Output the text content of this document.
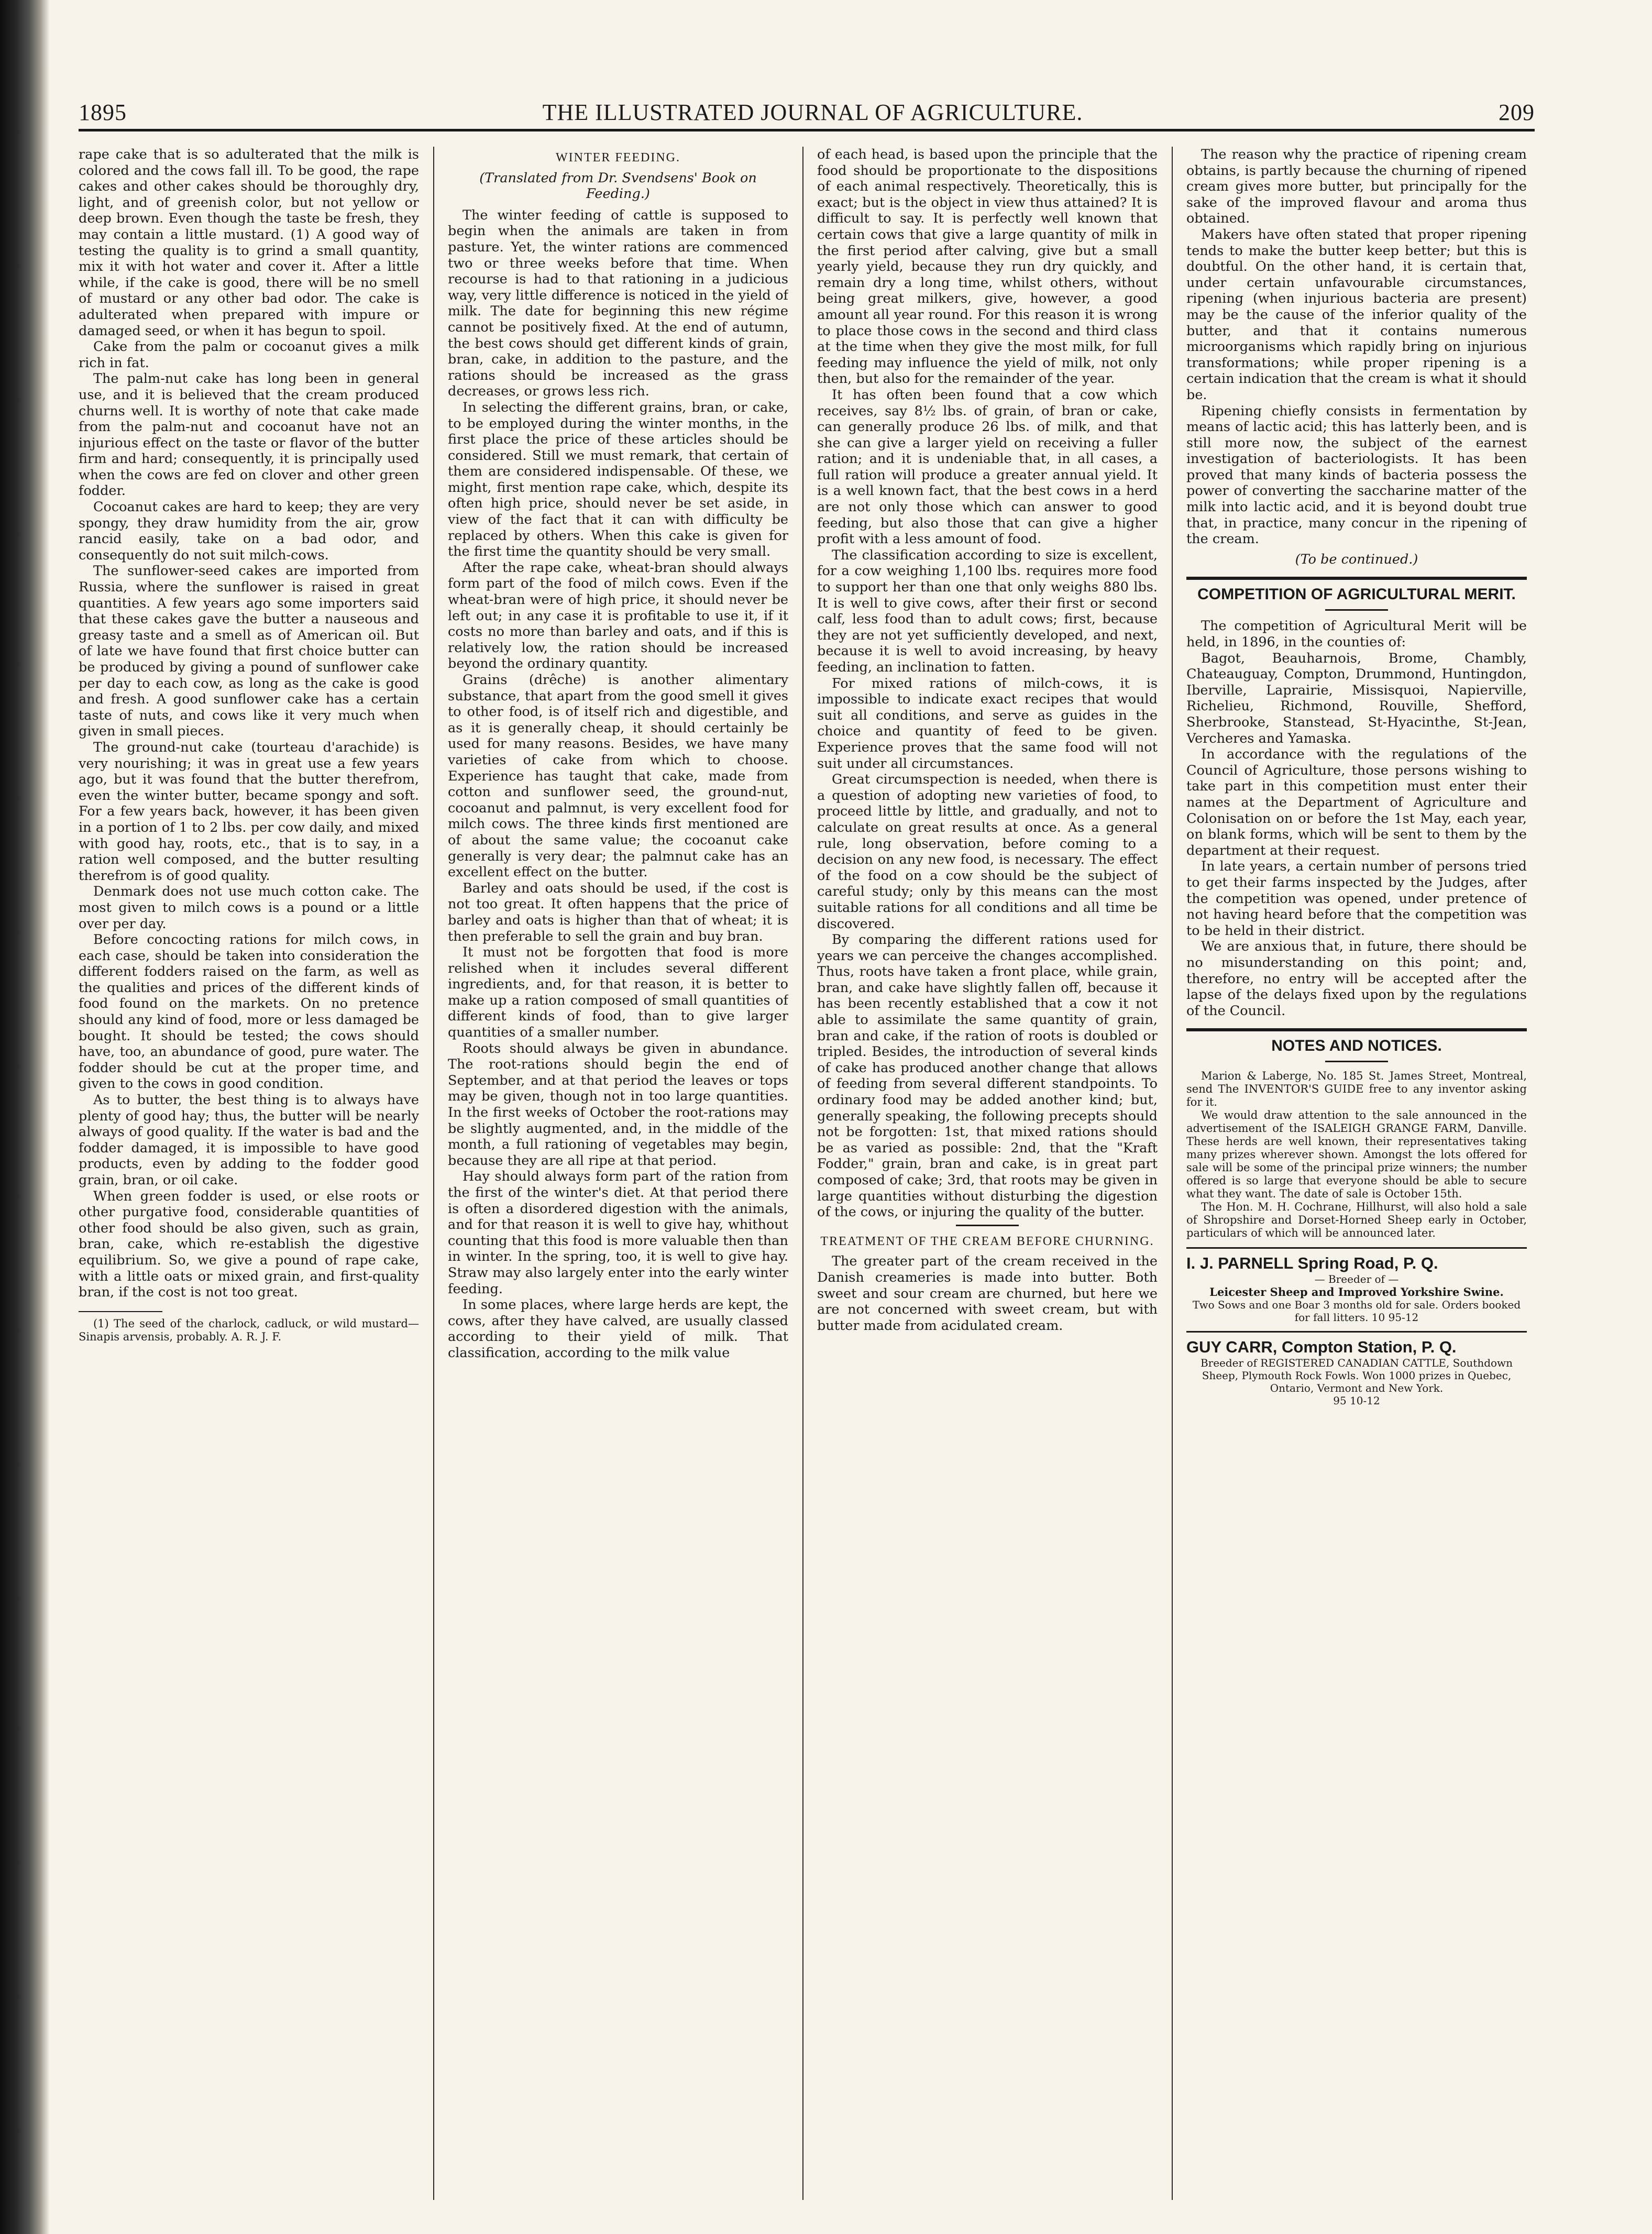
1895	THE ILLUSTRATED JOURNAL OF AGRICULTURE.	209

rape cake that is so adulterated that the milk is colored and the cows fall ill. To be good, the rape cakes and other cakes should be thoroughly dry, light, and of greenish color, but not yellow or deep brown. Even though the taste be fresh, they may contain a little mustard. (1) A good way of testing the quality is to grind a small quantity, mix it with hot water and cover it. After a little while, if the cake is good, there will be no smell of mustard or any other bad odor. The cake is adulterated when prepared with impure or damaged seed, or when it has begun to spoil.

Cake from the palm or cocoanut gives a milk rich in fat.

The palm-nut cake has long been in general use, and it is believed that the cream produced churns well. It is worthy of note that cake made from the palm-nut and cocoanut have not an injurious effect on the taste or flavor of the butter firm and hard; consequently, it is principally used when the cows are fed on clover and other green fodder.

Cocoanut cakes are hard to keep; they are very spongy, they draw humidity from the air, grow rancid easily, take on a bad odor, and consequently do not suit milch-cows.

The sunflower-seed cakes are imported from Russia, where the sunflower is raised in great quantities. A few years ago some importers said that these cakes gave the butter a nauseous and greasy taste and a smell as of American oil. But of late we have found that first choice butter can be produced by giving a pound of sunflower cake per day to each cow, as long as the cake is good and fresh. A good sunflower cake has a certain taste of nuts, and cows like it very much when given in small pieces.

The ground-nut cake (tourteau d'arachide) is very nourishing; it was in great use a few years ago, but it was found that the butter therefrom, even the winter butter, became spongy and soft. For a few years back, however, it has been given in a portion of 1 to 2 lbs. per cow daily, and mixed with good hay, roots, etc., that is to say, in a ration well composed, and the butter resulting therefrom is of good quality.

Denmark does not use much cotton cake. The most given to milch cows is a pound or a little over per day.

Before concocting rations for milch cows, in each case, should be taken into consideration the different fodders raised on the farm, as well as the qualities and prices of the different kinds of food found on the markets. On no pretence should any kind of food, more or less damaged be bought. It should be tested; the cows should have, too, an abundance of good, pure water. The fodder should be cut at the proper time, and given to the cows in good condition.

As to butter, the best thing is to always have plenty of good hay; thus, the butter will be nearly always of good quality. If the water is bad and the fodder damaged, it is impossible to have good products, even by adding to the fodder good grain, bran, or oil cake.

When green fodder is used, or else roots or other purgative food, considerable quantities of other food should be also given, such as grain, bran, cake, which re-establish the digestive equilibrium. So, we give a pound of rape cake, with a little oats or mixed grain, and first-quality bran, if the cost is not too great.

(1) The seed of the charlock, cadluck, or wild mustard—Sinapis arvensis, probably. A. R. J. F.

WINTER FEEDING.
(Translated from Dr. Svendsens' Book on Feeding.)

The winter feeding of cattle is supposed to begin when the animals are taken in from pasture. Yet, the winter rations are commenced two or three weeks before that time. When recourse is had to that rationing in a judicious way, very little difference is noticed in the yield of milk. The date for beginning this new régime cannot be positively fixed. At the end of autumn, the best cows should get different kinds of grain, bran, cake, in addition to the pasture, and the rations should be increased as the grass decreases, or grows less rich.

In selecting the different grains, bran, or cake, to be employed during the winter months, in the first place the price of these articles should be considered. Still we must remark, that certain of them are considered indispensable. Of these, we might, first mention rape cake, which, despite its often high price, should never be set aside, in view of the fact that it can with difficulty be replaced by others. When this cake is given for the first time the quantity should be very small.

After the rape cake, wheat-bran should always form part of the food of milch cows. Even if the wheat-bran were of high price, it should never be left out; in any case it is profitable to use it, if it costs no more than barley and oats, and if this is relatively low, the ration should be increased beyond the ordinary quantity.

Grains (drêche) is another alimentary substance, that apart from the good smell it gives to other food, is of itself rich and digestible, and as it is generally cheap, it should certainly be used for many reasons. Besides, we have many varieties of cake from which to choose. Experience has taught that cake, made from cotton and sunflower seed, the ground-nut, cocoanut and palmnut, is very excellent food for milch cows. The three kinds first mentioned are of about the same value; the cocoanut cake generally is very dear; the palmnut cake has an excellent effect on the butter.

Barley and oats should be used, if the cost is not too great. It often happens that the price of barley and oats is higher than that of wheat; it is then preferable to sell the grain and buy bran.

It must not be forgotten that food is more relished when it includes several different ingredients, and, for that reason, it is better to make up a ration composed of small quantities of different kinds of food, than to give larger quantities of a smaller number.

Roots should always be given in abundance. The root-rations should begin the end of September, and at that period the leaves or tops may be given, though not in too large quantities. In the first weeks of October the root-rations may be slightly augmented, and, in the middle of the month, a full rationing of vegetables may begin, because they are all ripe at that period.

Hay should always form part of the ration from the first of the winter's diet. At that period there is often a disordered digestion with the animals, and for that reason it is well to give hay, whithout counting that this food is more valuable then than in winter. In the spring, too, it is well to give hay. Straw may also largely enter into the early winter feeding.

In some places, where large herds are kept, the cows, after they have calved, are usually classed according to their yield of milk. That classification, according to the milk value

of each head, is based upon the principle that the food should be proportionate to the dispositions of each animal respectively. Theoretically, this is exact; but is the object in view thus attained? It is difficult to say. It is perfectly well known that certain cows that give a large quantity of milk in the first period after calving, give but a small yearly yield, because they run dry quickly, and remain dry a long time, whilst others, without being great milkers, give, however, a good amount all year round. For this reason it is wrong to place those cows in the second and third class at the time when they give the most milk, for full feeding may influence the yield of milk, not only then, but also for the remainder of the year.

It has often been found that a cow which receives, say 8½ lbs. of grain, of bran or cake, can generally produce 26 lbs. of milk, and that she can give a larger yield on receiving a fuller ration; and it is undeniable that, in all cases, a full ration will produce a greater annual yield. It is a well known fact, that the best cows in a herd are not only those which can answer to good feeding, but also those that can give a higher profit with a less amount of food.

The classification according to size is excellent, for a cow weighing 1,100 lbs. requires more food to support her than one that only weighs 880 lbs. It is well to give cows, after their first or second calf, less food than to adult cows; first, because they are not yet sufficiently developed, and next, because it is well to avoid increasing, by heavy feeding, an inclination to fatten.

For mixed rations of milch-cows, it is impossible to indicate exact recipes that would suit all conditions, and serve as guides in the choice and quantity of feed to be given. Experience proves that the same food will not suit under all circumstances.

Great circumspection is needed, when there is a question of adopting new varieties of food, to proceed little by little, and gradually, and not to calculate on great results at once. As a general rule, long observation, before coming to a decision on any new food, is necessary. The effect of the food on a cow should be the subject of careful study; only by this means can the most suitable rations for all conditions and all time be discovered.

By comparing the different rations used for years we can perceive the changes accomplished. Thus, roots have taken a front place, while grain, bran, and cake have slightly fallen off, because it has been recently established that a cow it not able to assimilate the same quantity of grain, bran and cake, if the ration of roots is doubled or tripled. Besides, the introduction of several kinds of cake has produced another change that allows of feeding from several different standpoints. To ordinary food may be added another kind; but, generally speaking, the following precepts should not be forgotten: 1st, that mixed rations should be as varied as possible: 2nd, that the "Kraft Fodder," grain, bran and cake, is in great part composed of cake; 3rd, that roots may be given in large quantities without disturbing the digestion of the cows, or injuring the quality of the butter.

TREATMENT OF THE CREAM BEFORE CHURNING.

The greater part of the cream received in the Danish creameries is made into butter. Both sweet and sour cream are churned, but here we are not concerned with sweet cream, but with butter made from acidulated cream.

The reason why the practice of ripening cream obtains, is partly because the churning of ripened cream gives more butter, but principally for the sake of the improved flavour and aroma thus obtained.

Makers have often stated that proper ripening tends to make the butter keep better; but this is doubtful. On the other hand, it is certain that, under certain unfavourable circumstances, ripening (when injurious bacteria are present) may be the cause of the inferior quality of the butter, and that it contains numerous microorganisms which rapidly bring on injurious transformations; while proper ripening is a certain indication that the cream is what it should be.

Ripening chiefly consists in fermentation by means of lactic acid; this has latterly been, and is still more now, the subject of the earnest investigation of bacteriologists. It has been proved that many kinds of bacteria possess the power of converting the saccharine matter of the milk into lactic acid, and it is beyond doubt true that, in practice, many concur in the ripening of the cream.

(To be continued.)
COMPETITION OF AGRICULTURAL MERIT.

The competition of Agricultural Merit will be held, in 1896, in the counties of:

Bagot, Beauharnois, Brome, Chambly, Chateauguay, Compton, Drummond, Huntingdon, Iberville, Laprairie, Missisquoi, Napierville, Richelieu, Richmond, Rouville, Shefford, Sherbrooke, Stanstead, St-Hyacinthe, St-Jean, Vercheres and Yamaska.

In accordance with the regulations of the Council of Agriculture, those persons wishing to take part in this competition must enter their names at the Department of Agriculture and Colonisation on or before the 1st May, each year, on blank forms, which will be sent to them by the department at their request.

In late years, a certain number of persons tried to get their farms inspected by the Judges, after the competition was opened, under pretence of not having heard before that the competition was to be held in their district.

We are anxious that, in future, there should be no misunderstanding on this point; and, therefore, no entry will be accepted after the lapse of the delays fixed upon by the regulations of the Council.

NOTES AND NOTICES.

Marion & Laberge, No. 185 St. James Street, Montreal, send The INVENTOR'S GUIDE free to any inventor asking for it.

We would draw attention to the sale announced in the advertisement of the ISALEIGH GRANGE FARM, Danville. These herds are well known, their representatives taking many prizes wherever shown. Amongst the lots offered for sale will be some of the principal prize winners; the number offered is so large that everyone should be able to secure what they want. The date of sale is October 15th.

The Hon. M. H. Cochrane, Hillhurst, will also hold a sale of Shropshire and Dorset-Horned Sheep early in October, particulars of which will be announced later.

I. J. PARNELL Spring Road, P. Q.
— Breeder of —
Leicester Sheep and Improved Yorkshire Swine.
Two Sows and one Boar 3 months old for sale. Orders booked for fall litters. 10 95-12
GUY CARR, Compton Station, P. Q.
Breeder of REGISTERED CANADIAN CATTLE, Southdown Sheep, Plymouth Rock Fowls. Won 1000 prizes in Quebec, Ontario, Vermont and New York.
95 10-12
